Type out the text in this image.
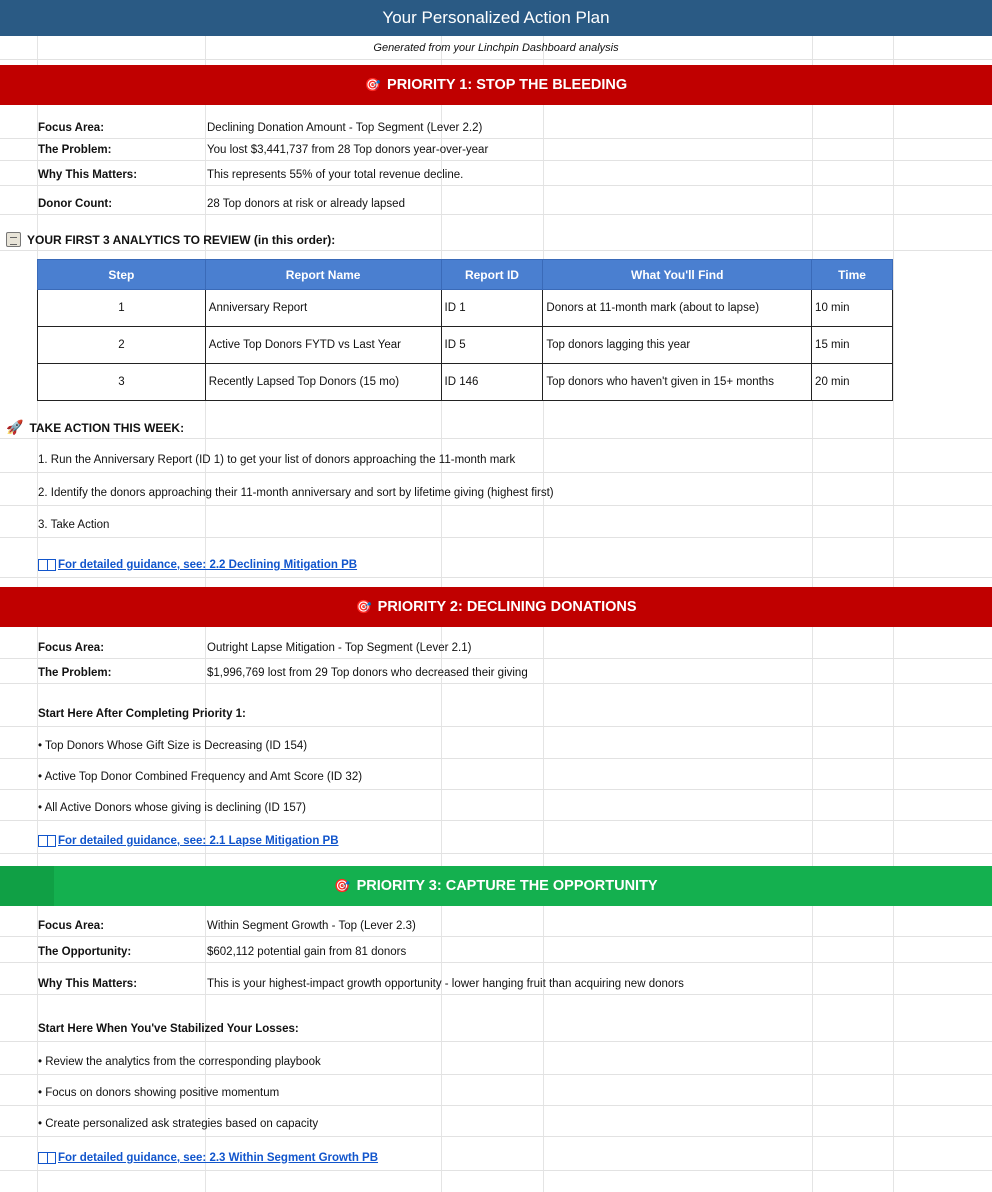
Your Personalized Action Plan
Generated from your Linchpin Dashboard analysis
🎯 PRIORITY 1: STOP THE BLEEDING
Focus Area:	Declining Donation Amount - Top Segment (Lever 2.2)
The Problem:	You lost $3,441,737 from 28 Top donors year-over-year
Why This Matters:	This represents 55% of your total revenue decline.
Donor Count:	28 Top donors at risk or already lapsed
YOUR FIRST 3 ANALYTICS TO REVIEW (in this order):
Step	Report Name	Report ID	What You'll Find	Time
1	Anniversary Report	ID 1	Donors at 11-month mark (about to lapse)	10 min
2	Active Top Donors FYTD vs Last Year	ID 5	Top donors lagging this year	15 min
3	Recently Lapsed Top Donors (15 mo)	ID 146	Top donors who haven't given in 15+ months	20 min
🚀 TAKE ACTION THIS WEEK:
1. Run the Anniversary Report (ID 1) to get your list of donors approaching the 11-month mark
2. Identify the donors approaching their 11-month anniversary and sort by lifetime giving (highest first)
3. Take Action
For detailed guidance, see: 2.2 Declining Mitigation PB
🎯 PRIORITY 2: DECLINING DONATIONS
Focus Area:	Outright Lapse Mitigation - Top Segment (Lever 2.1)
The Problem:	$1,996,769 lost from 29 Top donors who decreased their giving
Start Here After Completing Priority 1:
• Top Donors Whose Gift Size is Decreasing (ID 154)
• Active Top Donor Combined Frequency and Amt Score (ID 32)
• All Active Donors whose giving is declining (ID 157)
For detailed guidance, see: 2.1 Lapse Mitigation PB
🎯 PRIORITY 3: CAPTURE THE OPPORTUNITY
Focus Area:	Within Segment Growth - Top (Lever 2.3)
The Opportunity:	$602,112 potential gain from 81 donors
Why This Matters:	This is your highest-impact growth opportunity - lower hanging fruit than acquiring new donors
Start Here When You've Stabilized Your Losses:
• Review the analytics from the corresponding playbook
• Focus on donors showing positive momentum
• Create personalized ask strategies based on capacity
For detailed guidance, see: 2.3 Within Segment Growth PB
